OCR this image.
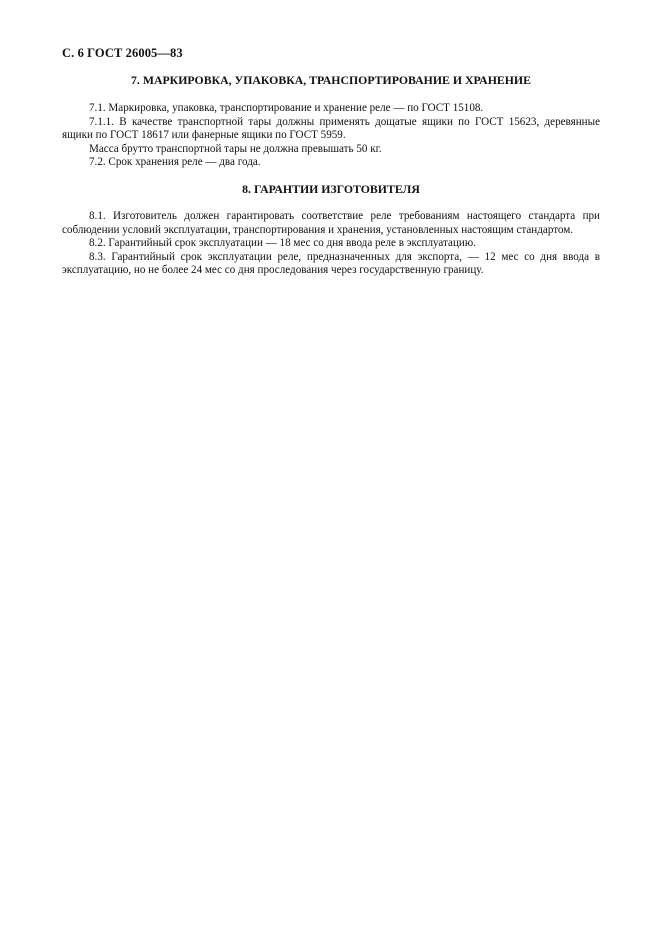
С. 6 ГОСТ 26005—83
7. МАРКИРОВКА, УПАКОВКА, ТРАНСПОРТИРОВАНИЕ И ХРАНЕНИЕ

7.1. Маркировка, упаковка, транспортирование и хранение реле — по ГОСТ 15108.

7.1.1. В качестве транспортной тары должны применять дощатые ящики по ГОСТ 15623, деревянные ящики по ГОСТ 18617 или фанерные ящики по ГОСТ 5959.

Масса брутто транспортной тары не должна превышать 50 кг.

7.2. Срок хранения реле — два года.

8. ГАРАНТИИ ИЗГОТОВИТЕЛЯ

8.1. Изготовитель должен гарантировать соответствие реле требованиям настоящего стандарта при соблюдении условий эксплуатации, транспортирования и хранения, установленных настоящим стандартом.

8.2. Гарантийный срок эксплуатации — 18 мес со дня ввода реле в эксплуатацию.

8.3. Гарантийный срок эксплуатации реле, предназначенных для экспорта, — 12 мес со дня ввода в эксплуатацию, но не более 24 мес со дня проследования через государственную границу.
